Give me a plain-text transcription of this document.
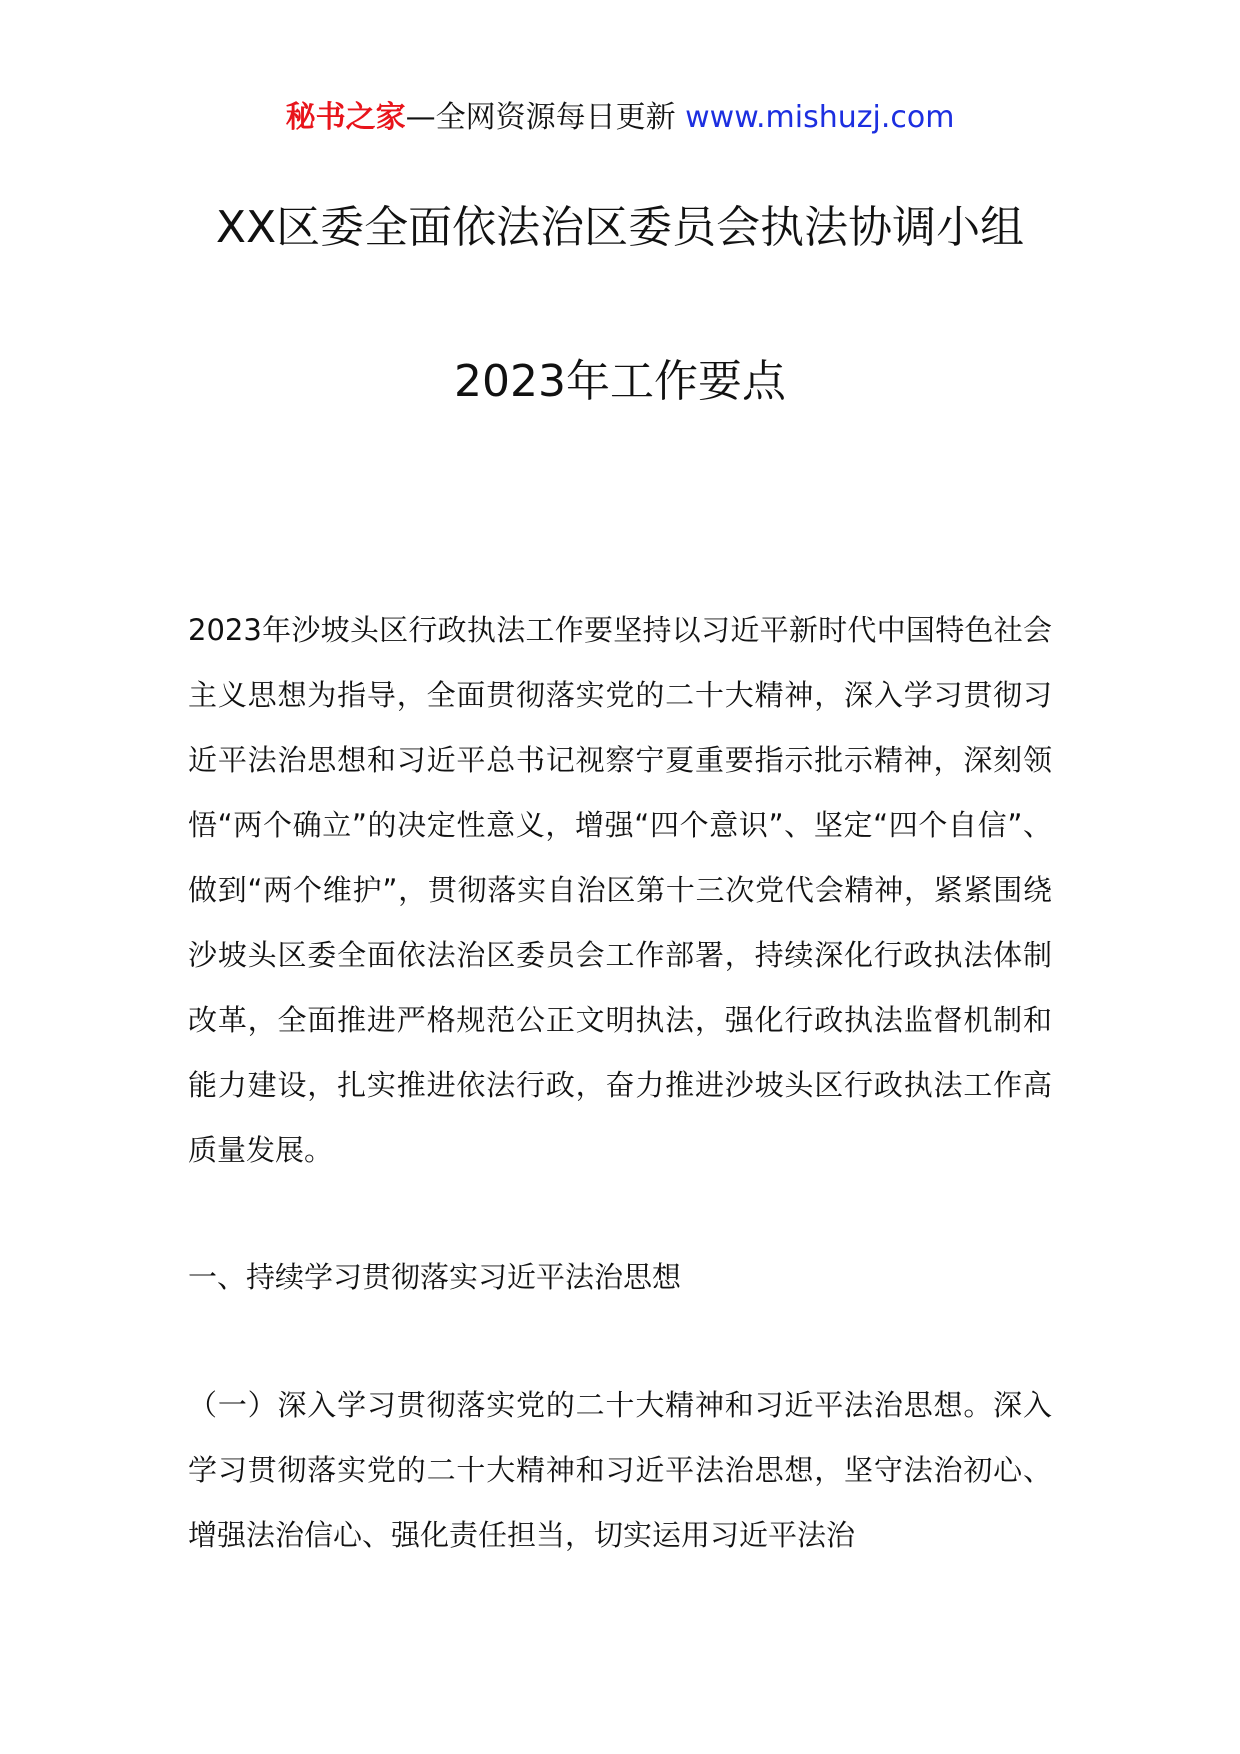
秘书之家—全网资源每日更新 www.mishuzj.com
XX区委全面依法治区委员会执法协调小组
2023年工作要点

2023年沙坡头区行政执法工作要坚持以习近平新时代中国特色社会主义思想为指导，全面贯彻落实党的二十大精神，深入学习贯彻习近平法治思想和习近平总书记视察宁夏重要指示批示精神，深刻领悟“两个确立”的决定性意义，增强“四个意识”、坚定“四个自信”、做到“两个维护”，贯彻落实自治区第十三次党代会精神，紧紧围绕沙坡头区委全面依法治区委员会工作部署，持续深化行政执法体制改革，全面推进严格规范公正文明执法，强化行政执法监督机制和能力建设，扎实推进依法行政，奋力推进沙坡头区行政执法工作高质量发展。

一、持续学习贯彻落实习近平法治思想

（一）深入学习贯彻落实党的二十大精神和习近平法治思想。深入学习贯彻落实党的二十大精神和习近平法治思想，坚守法治初心、增强法治信心、强化责任担当，切实运用习近平法治
